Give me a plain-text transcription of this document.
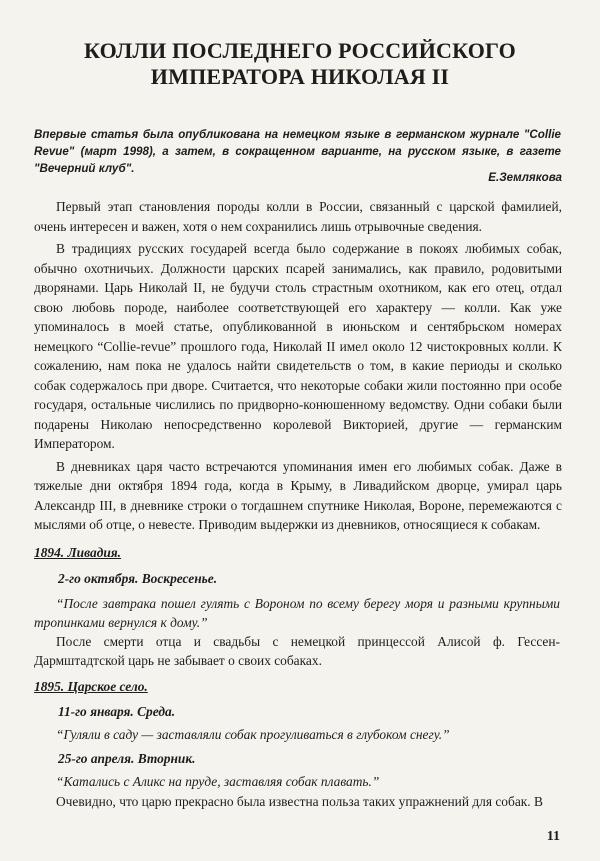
КОЛЛИ ПОСЛЕДНЕГО РОССИЙСКОГО
ИМПЕРАТОРА НИКОЛАЯ II

Впервые статья была опубликована на немецком языке в германском журнале "Collie Revue" (март 1998), а затем, в сокращенном варианте, на русском языке, в газете "Вечерний клуб".

Е.Землякова

Первый этап становления породы колли в России, связанный с царской фамилией, очень интересен и важен, хотя о нем сохранились лишь отрывочные сведения.

В традициях русских государей всегда было содержание в покоях любимых собак, обычно охотничьих. Должности царских псарей занимались, как правило, родовитыми дворянами. Царь Николай II, не будучи столь страстным охотником, как его отец, отдал свою любовь породе, наиболее соответствующей его характеру — колли. Как уже упоминалось в моей статье, опубликованной в июньском и сентябрьском номерах немецкого “Collie-revue” прошлого года, Николай II имел около 12 чистокровных колли. К сожалению, нам пока не удалось найти свидетельств о том, в какие периоды и сколько собак содержалось при дворе. Считается, что некоторые собаки жили постоянно при особе государя, остальные числились по придворно-конюшенному ведомству. Одни собаки были подарены Николаю непосредственно королевой Викторией, другие — германским Императором.

В дневниках царя часто встречаются упоминания имен его любимых собак. Даже в тяжелые дни октября 1894 года, когда в Крыму, в Ливадийском дворце, умирал царь Александр III, в дневнике строки о тогдашнем спутнике Николая, Вороне, перемежаются с мыслями об отце, о невесте. Приводим выдержки из дневников, относящиеся к собакам.

1894. Ливадия.
2-го октября. Воскресенье.

“После завтрака пошел гулять с Вороном по всему берегу моря и разными крупными тропинками вернулся к дому.”

После смерти отца и свадьбы с немецкой принцессой Алисой ф. Гессен-Дармштадтской царь не забывает о своих собаках.

1895. Царское село.
11-го января. Среда.

“Гуляли в саду — заставляли собак прогуливаться в глубоком снегу.”

25-го апреля. Вторник.

“Катались с Аликс на пруде, заставляя собак плавать.”

Очевидно, что царю прекрасно была известна польза таких упражнений для собак. В

11
